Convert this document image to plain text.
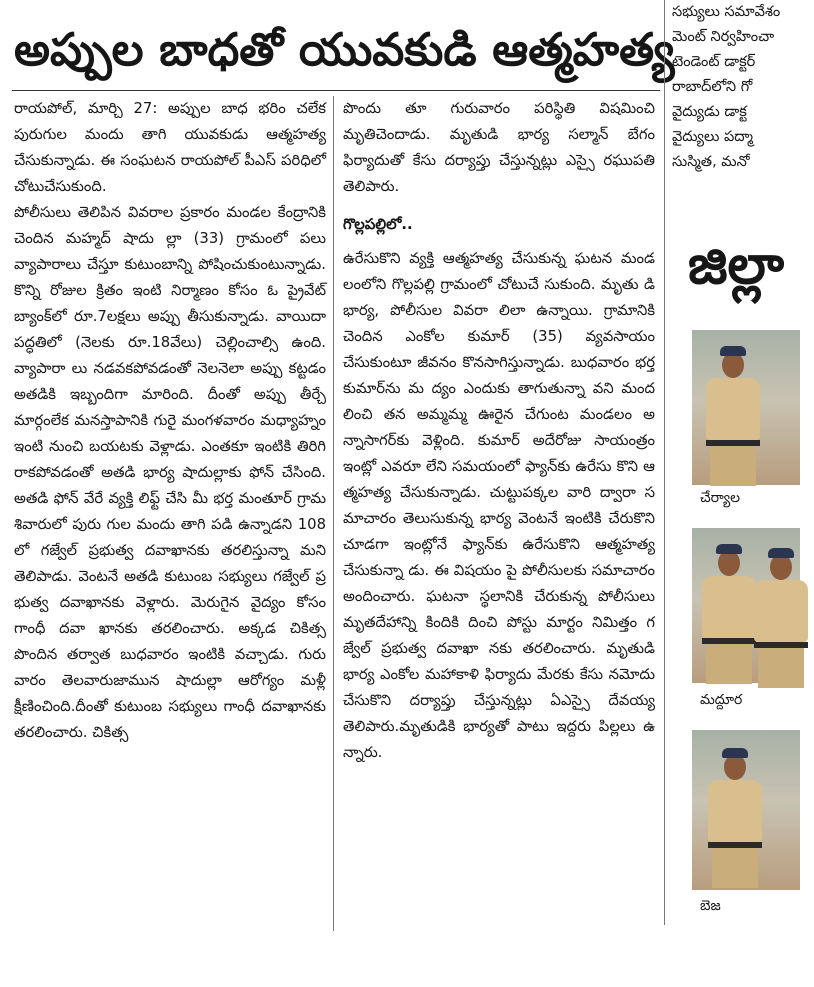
అప్పుల బాధతో యువకుడి ఆత్మహత్య

రాయపోల్, మార్చి 27: అప్పుల బాధ భరిం చలేక పురుగుల మందు తాగి యువకుడు ఆత్మహత్య చేసుకున్నాడు. ఈ సంఘటన రాయపోల్ పీఎస్ పరిధిలో చోటుచేసుకుంది.

పోలీసులు తెలిపిన వివరాల ప్రకారం మండల కేంద్రానికి చెందిన మహ్మద్ షాదు ల్లా (33) గ్రామంలో పలు వ్యాపారాలు చేస్తూ కుటుంబాన్ని పోషించుకుంటున్నాడు. కొన్ని రోజుల క్రితం ఇంటి నిర్మాణం కోసం ఓ ప్రైవేట్ బ్యాంక్‌లో రూ.7లక్షలు అప్పు తీసుకున్నాడు. వాయిదా పద్ధతిలో (నెలకు రూ.18వేలు) చెల్లించాల్సి ఉంది. వ్యాపారా లు నడవకపోవడంతో నెలనెలా అప్పు కట్టడం అతడికి ఇబ్బందిగా మారింది. దీంతో అప్పు తీర్చే మార్గంలేక మనస్తాపానికి గురై మంగళవారం మధ్యాహ్నం ఇంటి నుంచి బయటకు వెళ్లాడు. ఎంతకూ ఇంటికి తిరిగి రాకపోవడంతో అతడి భార్య షాదుల్లాకు ఫోన్ చేసింది. అతడి ఫోన్ వేరే వ్యక్తి లిఫ్ట్ చేసి మీ భర్త మంతూర్ గ్రామ శివారులో పురు గుల మందు తాగి పడి ఉన్నాడని 108లో గజ్వేల్ ప్రభుత్వ దవాఖానకు తరలిస్తున్నా మని తెలిపాడు. వెంటనే అతడి కుటుంబ సభ్యులు గజ్వేల్ ప్రభుత్వ దవాఖానకు వెళ్లారు. మెరుగైన వైద్యం కోసం గాంధీ దవా ఖానకు తరలించారు. అక్కడ చికిత్స పొందిన తర్వాత బుధవారం ఇంటికి వచ్చాడు. గురు వారం తెలవారుజామున షాదుల్లా ఆరోగ్యం మళ్లీ క్షీణించింది.దీంతో కుటుంబ సభ్యులు గాంధీ దవాఖానకు తరలించారు. చికిత్స

పొందు తూ గురువారం పరిస్థితి విషమించి మృతిచెందాడు. మృతుడి భార్య సల్మాన్ బేగం ఫిర్యాదుతో కేసు దర్యాప్తు చేస్తున్నట్లు ఎస్సై రఘుపతి తెలిపారు.

గొల్లపల్లిలో..

ఉరేసుకొని వ్యక్తి ఆత్మహత్య చేసుకున్న ఘటన మండలంలోని గొల్లపల్లి గ్రామంలో చోటుచే సుకుంది. మృతు డి భార్య, పోలీసుల వివరా లిలా ఉన్నాయి. గ్రామానికి చెందిన ఎంకోల కుమార్ (35) వ్యవసాయం చేసుకుంటూ జీవనం కొనసాగిస్తున్నాడు. బుధవారం భర్త కుమార్‌ను మ ద్యం ఎందుకు తాగుతున్నా వని మందలించి తన అమ్మమ్మ ఊరైన చేగుంట మండలం అన్నాసాగర్‌కు వెళ్లింది. కుమార్ అదేరోజు సాయంత్రం ఇంట్లో ఎవరూ లేని సమయంలో ఫ్యాన్‌కు ఉరేసు కొని ఆత్మహత్య చేసుకున్నాడు. చుట్టుపక్కల వారి ద్వారా సమాచారం తెలుసుకున్న భార్య వెంటనే ఇంటికి చేరుకొని చూడగా ఇంట్లోనే ఫ్యాన్‌కు ఉరేసుకొని ఆత్మహత్య చేసుకున్నా డు. ఈ విషయం పై పోలీసులకు సమాచారం అందించారు. ఘటనా స్థలానికి చేరుకున్న పోలీసులు మృతదేహాన్ని కిందికి దించి పోస్టు మార్టం నిమిత్తం గజ్వేల్ ప్రభుత్వ దవాఖా నకు తరలించారు. మృతుడి భార్య ఎంకోల మహాకాళి ఫిర్యాదు మేరకు కేసు నమోదు చేసుకొని దర్యాప్తు చేస్తున్నట్లు ఏఎస్సై దేవయ్య తెలిపారు.మృతుడికి భార్యతో పాటు ఇద్దరు పిల్లలు ఉన్నారు.

సభ్యులు సమావేశం
మెంట్ నిర్వహించా
టెండెంట్ డాక్టర్
రాబాద్‌లోని గో
వైద్యుడు డాక్ట
వైద్యులు పద్మా
సుస్మిత, మనో
జిల్లా
చేర్యాల
మద్దూర
బెజ
